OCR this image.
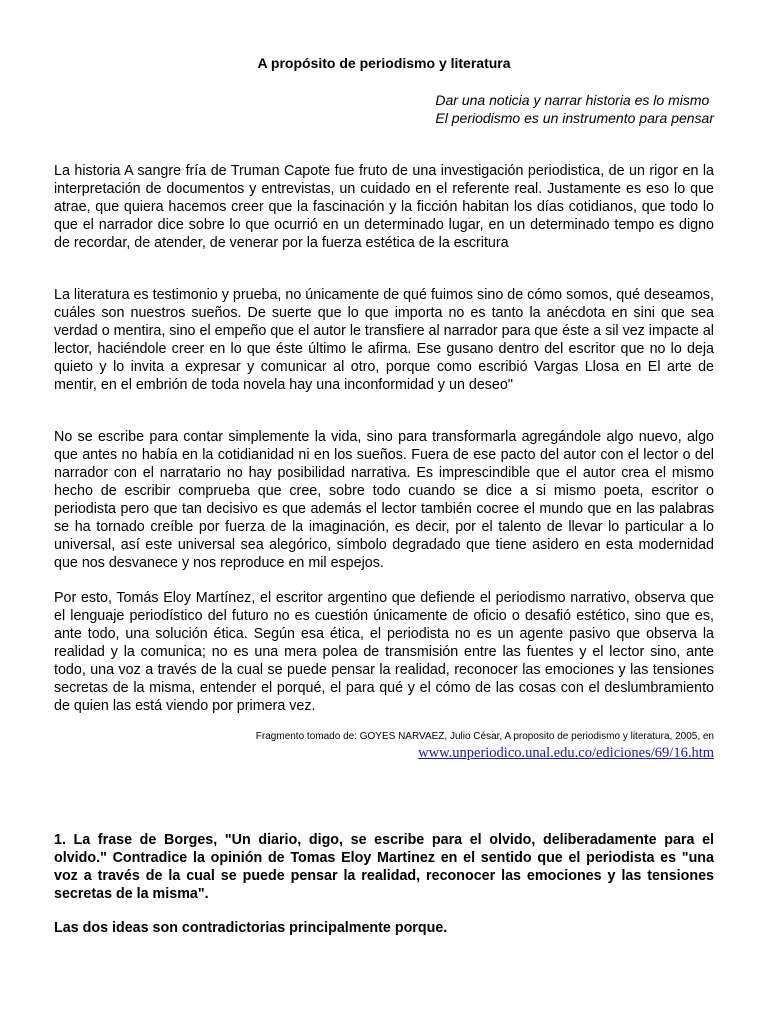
A propósito de periodismo y literatura
Dar una noticia y narrar historia es lo mismo
El periodismo es un instrumento para pensar

La historia A sangre fría de Truman Capote fue fruto de una investigación periodistica, de un rigor en la interpretación de documentos y entrevistas, un cuidado en el referente real. Justamente es eso lo que atrae, que quiera hacemos creer que la fascinación y la ficción habitan los días cotidianos, que todo lo que el narrador dice sobre lo que ocurrió en un determinado lugar, en un determinado tempo es digno de recordar, de atender, de venerar por la fuerza estética de la escritura

La literatura es testimonio y prueba, no únicamente de qué fuimos sino de cómo somos, qué deseamos, cuáles son nuestros sueños. De suerte que lo que importa no es tanto la anécdota en sini que sea verdad o mentira, sino el empeño que el autor le transfiere al narrador para que éste a sil vez impacte al lector, haciéndole creer en lo que éste último le afirma. Ese gusano dentro del escritor que no lo deja quieto y lo invita a expresar y comunicar al otro, porque como escribió Vargas Llosa en El arte de mentir, en el embrión de toda novela hay una inconformidad y un deseo"

No se escribe para contar simplemente la vida, sino para transformarla agregándole algo nuevo, algo que antes no había en la cotidianidad ni en los sueños. Fuera de ese pacto del autor con el lector o del narrador con el narratario no hay posibilidad narrativa. Es imprescindible que el autor crea el mismo hecho de escribir comprueba que cree, sobre todo cuando se dice a si mismo poeta, escritor o periodista pero que tan decisivo es que además el lector también cocree el mundo que en las palabras se ha tornado creíble por fuerza de la imaginación, es decir, por el talento de llevar lo particular a lo universal, así este universal sea alegórico, símbolo degradado que tiene asidero en esta modernidad que nos desvanece y nos reproduce en mil espejos.

Por esto, Tomás Eloy Martínez, el escritor argentino que defiende el periodismo narrativo, observa que el lenguaje periodístico del futuro no es cuestión únicamente de oficio o desafió estético, sino que es, ante todo, una solución ética. Según esa ética, el periodista no es un agente pasivo que observa la realidad y la comunica; no es una mera polea de transmisión entre las fuentes y el lector sino, ante todo, una voz a través de la cual se puede pensar la realidad, reconocer las emociones y las tensiones secretas de la misma, entender el porqué, el para qué y el cómo de las cosas con el deslumbramiento de quien las está viendo por primera vez.

Fragmento tomado de: GOYES NARVAEZ, Julio César, A proposito de periodismo y literatura, 2005, en
www.unperiodico.unal.edu.co/ediciones/69/16.htm
1. La frase de Borges, "Un diario, digo, se escribe para el olvido, deliberadamente para el olvido." Contradice la opinión de Tomas Eloy Martinez en el sentido que el periodista es "una voz a través de la cual se puede pensar la realidad, reconocer las emociones y las tensiones secretas de la misma".
Las dos ideas son contradictorias principalmente porque.
